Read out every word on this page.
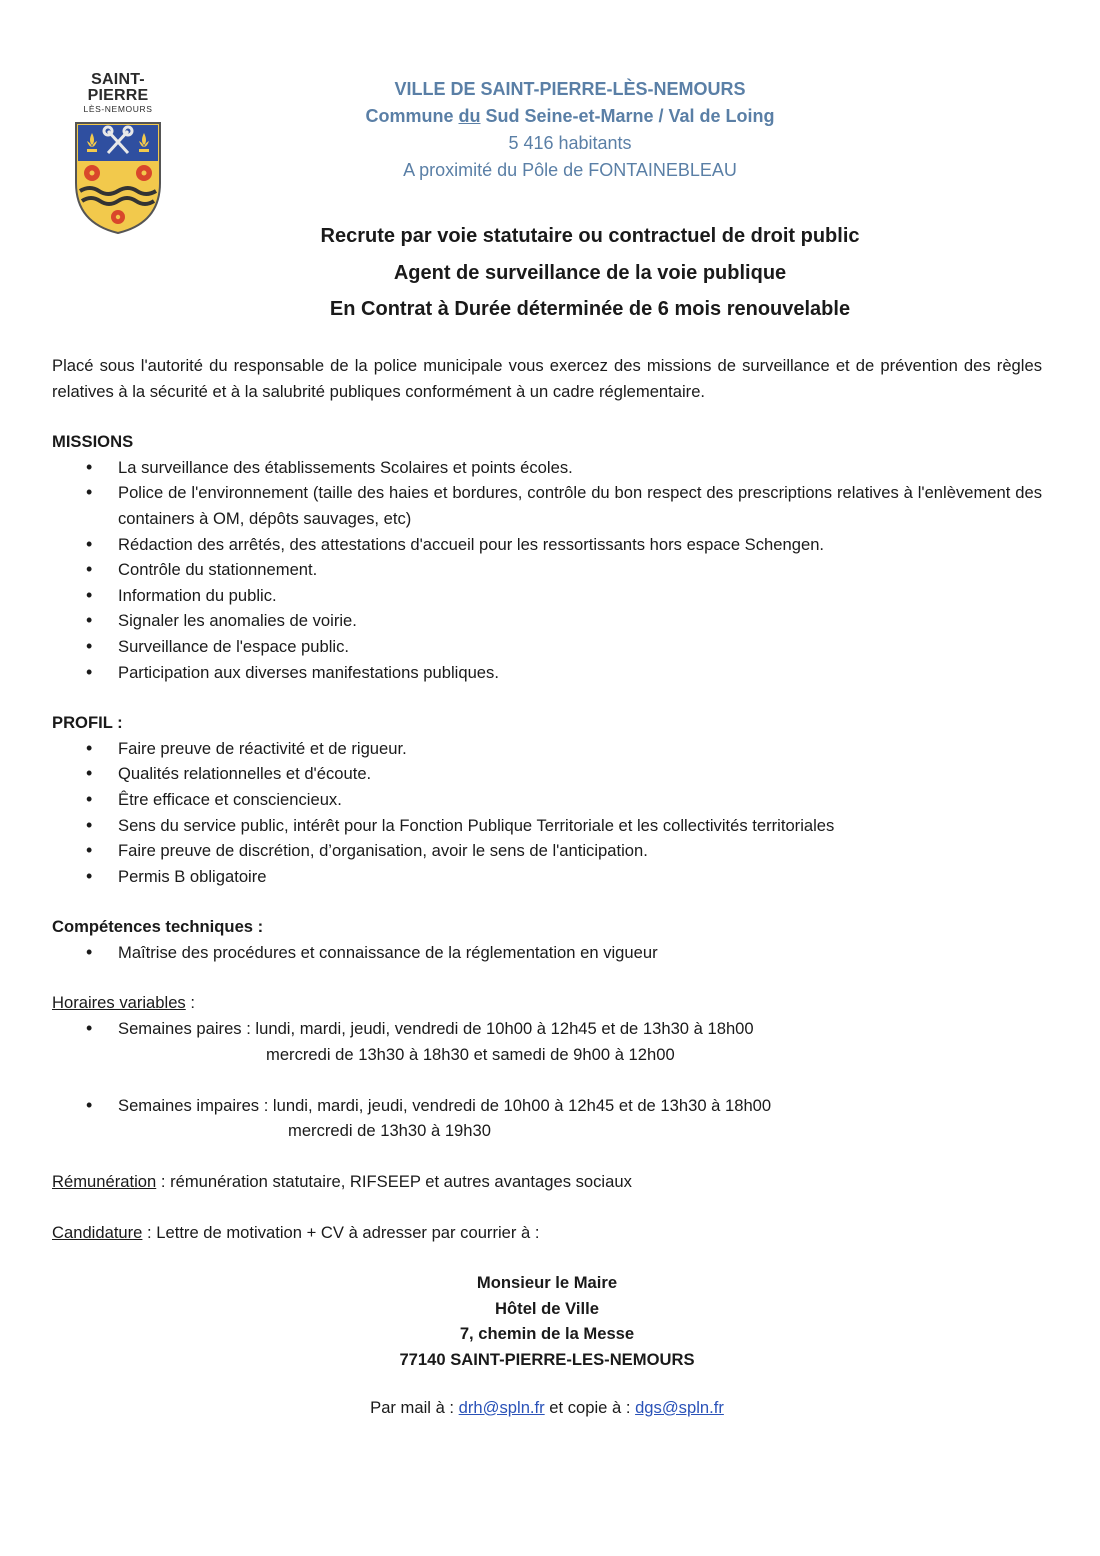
SAINT-PIERRE
LÈS-NEMOURS
VILLE DE SAINT-PIERRE-LÈS-NEMOURS
Commune du Sud Seine-et-Marne / Val de Loing
5 416 habitants
A proximité du Pôle de FONTAINEBLEAU
Recrute par voie statutaire ou contractuel de droit public
Agent de surveillance de la voie publique
En Contrat à Durée déterminée de 6 mois renouvelable

Placé sous l'autorité du responsable de la police municipale vous exercez des missions de surveillance et de prévention des règles relatives à la sécurité et à la salubrité publiques conformément à un cadre réglementaire.

MISSIONS
• La surveillance des établissements Scolaires et points écoles.
• Police de l'environnement (taille des haies et bordures, contrôle du bon respect des prescriptions relatives à l'enlèvement des containers à OM, dépôts sauvages, etc)
• Rédaction des arrêtés, des attestations d'accueil pour les ressortissants hors espace Schengen.
• Contrôle du stationnement.
• Information du public.
• Signaler les anomalies de voirie.
• Surveillance de l'espace public.
• Participation aux diverses manifestations publiques.
PROFIL :
• Faire preuve de réactivité et de rigueur.
• Qualités relationnelles et d'écoute.
• Être efficace et consciencieux.
• Sens du service public, intérêt pour la Fonction Publique Territoriale et les collectivités territoriales
• Faire preuve de discrétion, d’organisation, avoir le sens de l'anticipation.
• Permis B obligatoire
Compétences techniques :
• Maîtrise des procédures et connaissance de la réglementation en vigueur
Horaires variables :
• Semaines paires : lundi, mardi, jeudi, vendredi de 10h00 à 12h45 et de 13h30 à 18h00
mercredi de 13h30 à 18h30 et samedi de 9h00 à 12h00
• Semaines impaires : lundi, mardi, jeudi, vendredi de 10h00 à 12h45 et de 13h30 à 18h00
mercredi de 13h30 à 19h30
Rémunération : rémunération statutaire, RIFSEEP et autres avantages sociaux
Candidature : Lettre de motivation + CV à adresser par courrier à :
Monsieur le Maire
Hôtel de Ville
7, chemin de la Messe
77140 SAINT-PIERRE-LES-NEMOURS
Par mail à : drh@spln.fr et copie à : dgs@spln.fr
